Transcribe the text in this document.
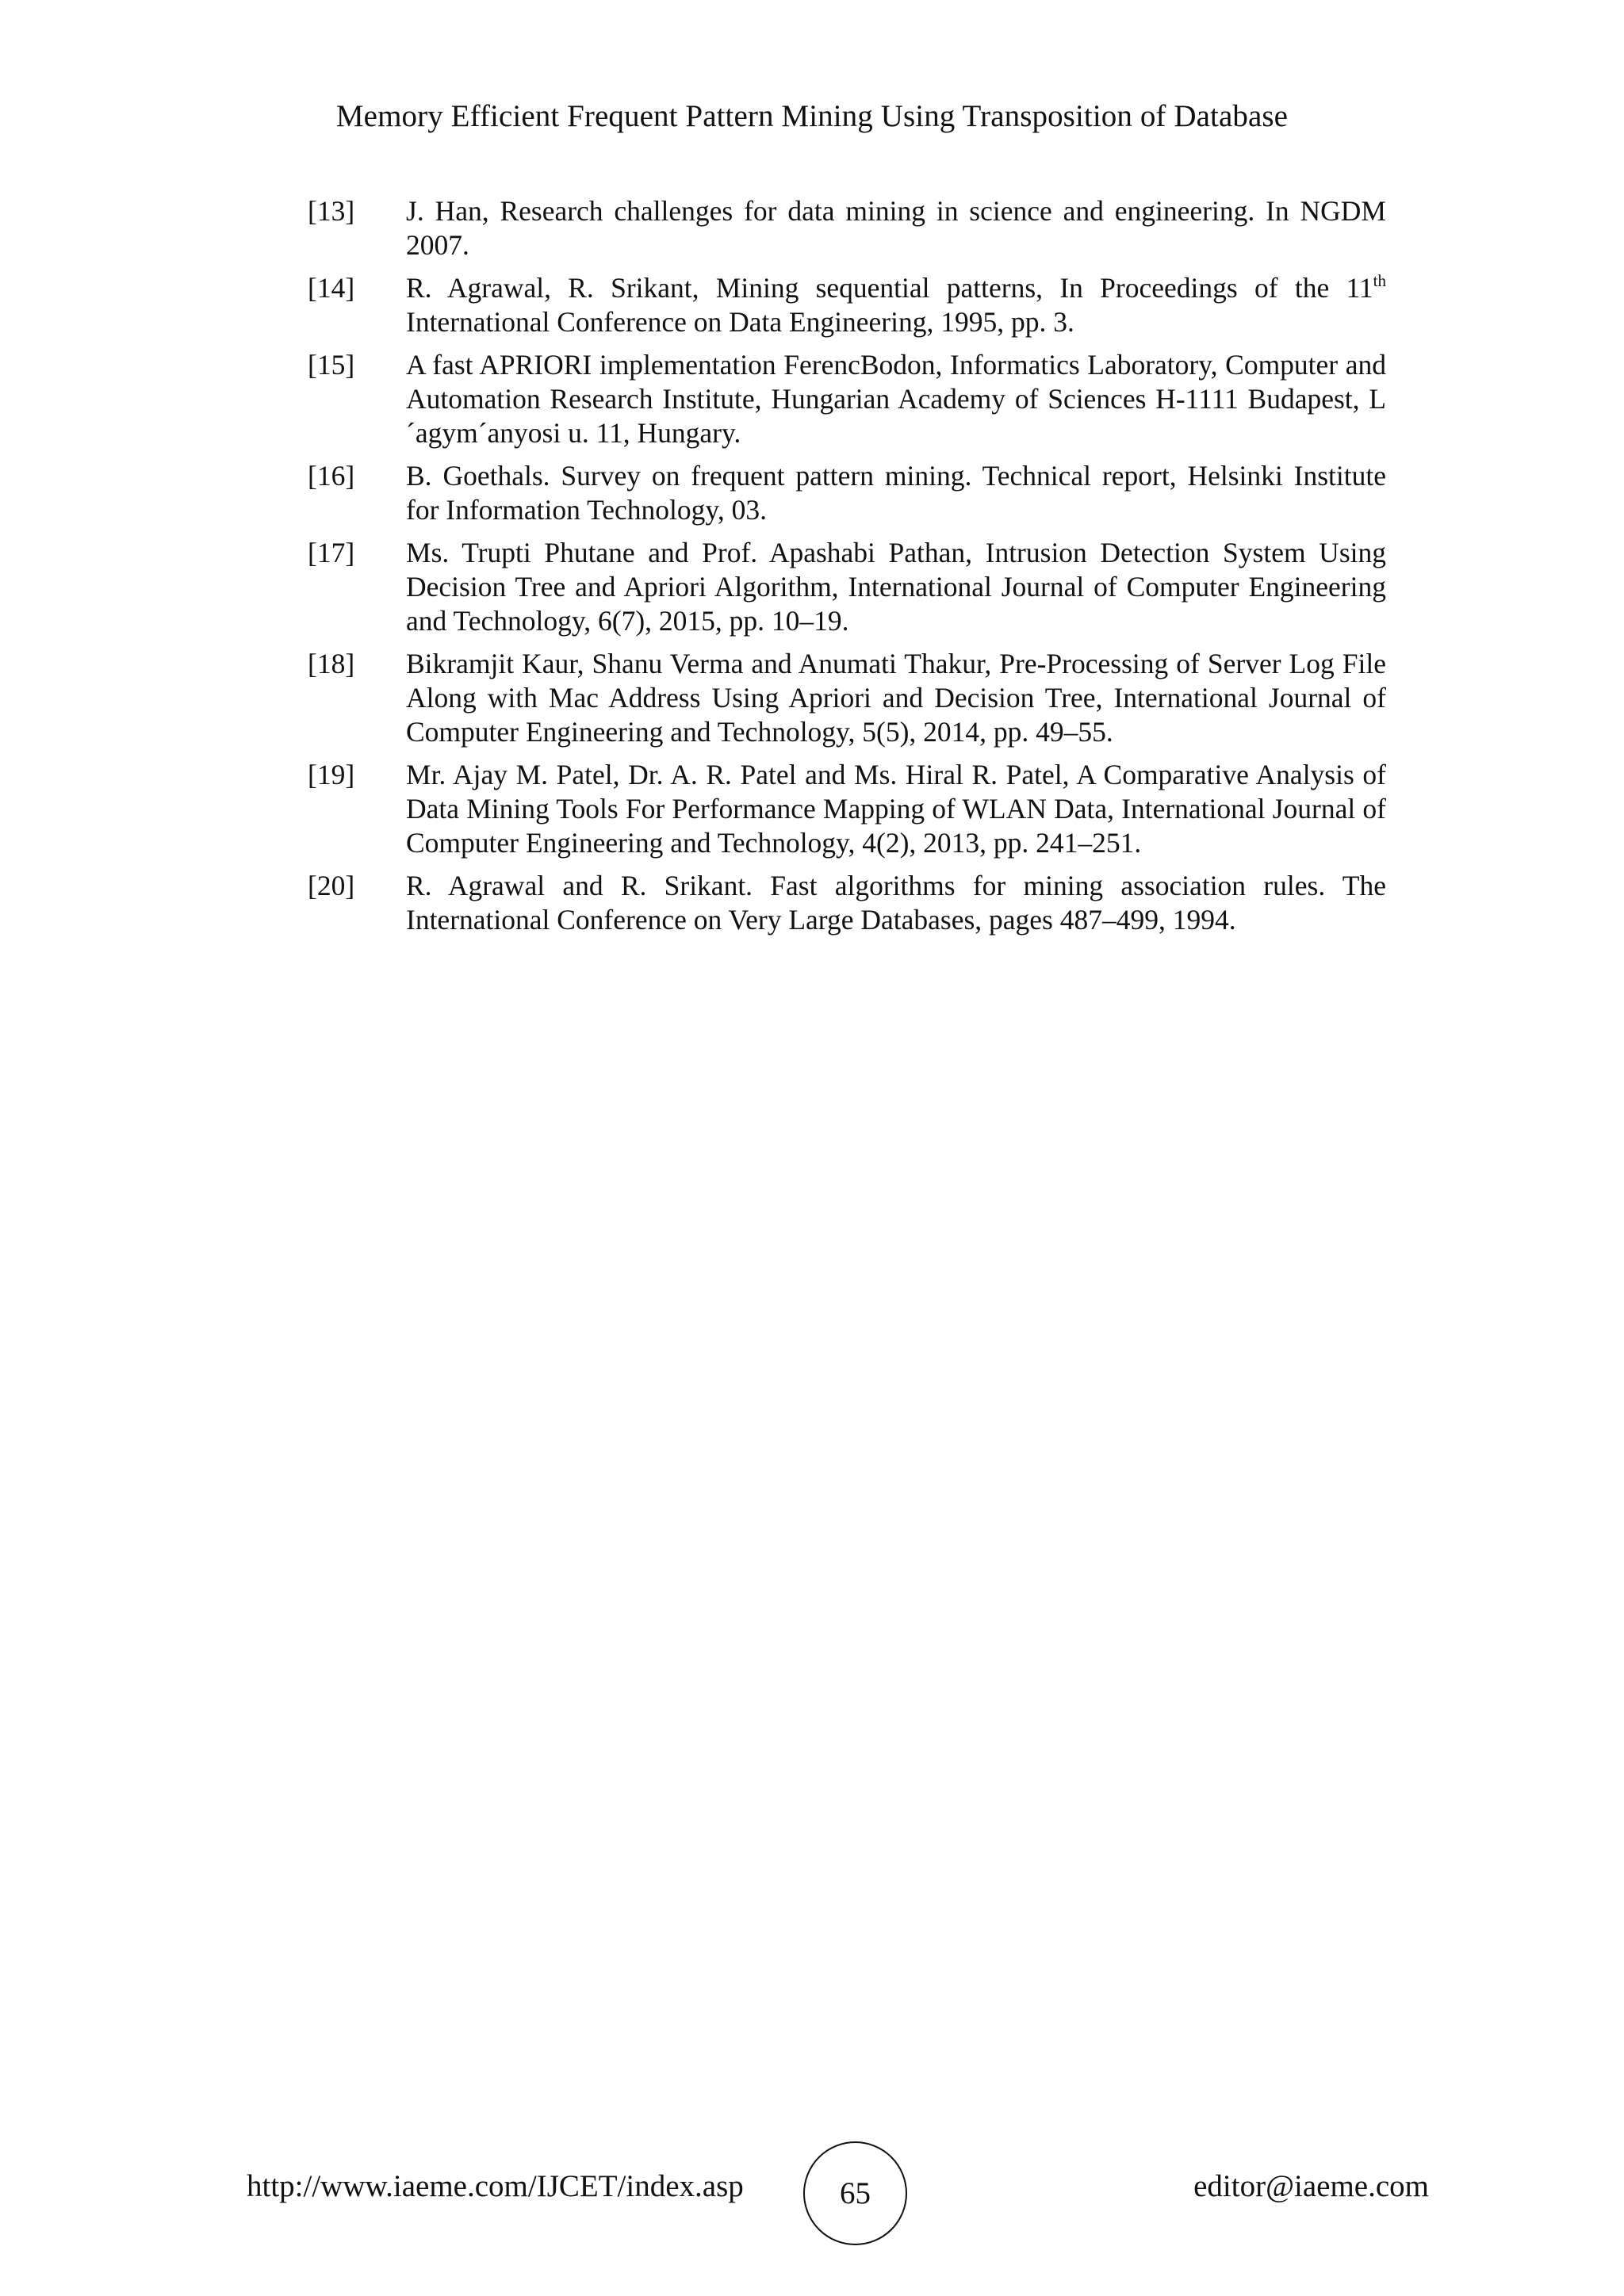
Memory Efficient Frequent Pattern Mining Using Transposition of Database
[13]	J. Han, Research challenges for data mining in science and engineering. In NGDM 2007.
[14]	R. Agrawal, R. Srikant, Mining sequential patterns, In Proceedings of the 11th International Conference on Data Engineering, 1995, pp. 3.
[15]	A fast APRIORI implementation FerencBodon, Informatics Laboratory, Computer and Automation Research Institute, Hungarian Academy of Sciences H-1111 Budapest, L´agym´anyosi u. 11, Hungary.
[16]	B. Goethals. Survey on frequent pattern mining. Technical report, Helsinki Institute for Information Technology, 03.
[17]	Ms. Trupti Phutane and Prof. Apashabi Pathan, Intrusion Detection System Using Decision Tree and Apriori Algorithm, International Journal of Computer Engineering and Technology, 6(7), 2015, pp. 10–19.
[18]	Bikramjit Kaur, Shanu Verma and Anumati Thakur, Pre-Processing of Server Log File Along with Mac Address Using Apriori and Decision Tree, International Journal of Computer Engineering and Technology, 5(5), 2014, pp. 49–55.
[19]	Mr. Ajay M. Patel, Dr. A. R. Patel and Ms. Hiral R. Patel, A Comparative Analysis of Data Mining Tools For Performance Mapping of WLAN Data, International Journal of Computer Engineering and Technology, 4(2), 2013, pp. 241–251.
[20]	R. Agrawal and R. Srikant. Fast algorithms for mining association rules. The International Conference on Very Large Databases, pages 487–499, 1994.
http://www.iaeme.com/IJCET/index.asp	65	editor@iaeme.com
